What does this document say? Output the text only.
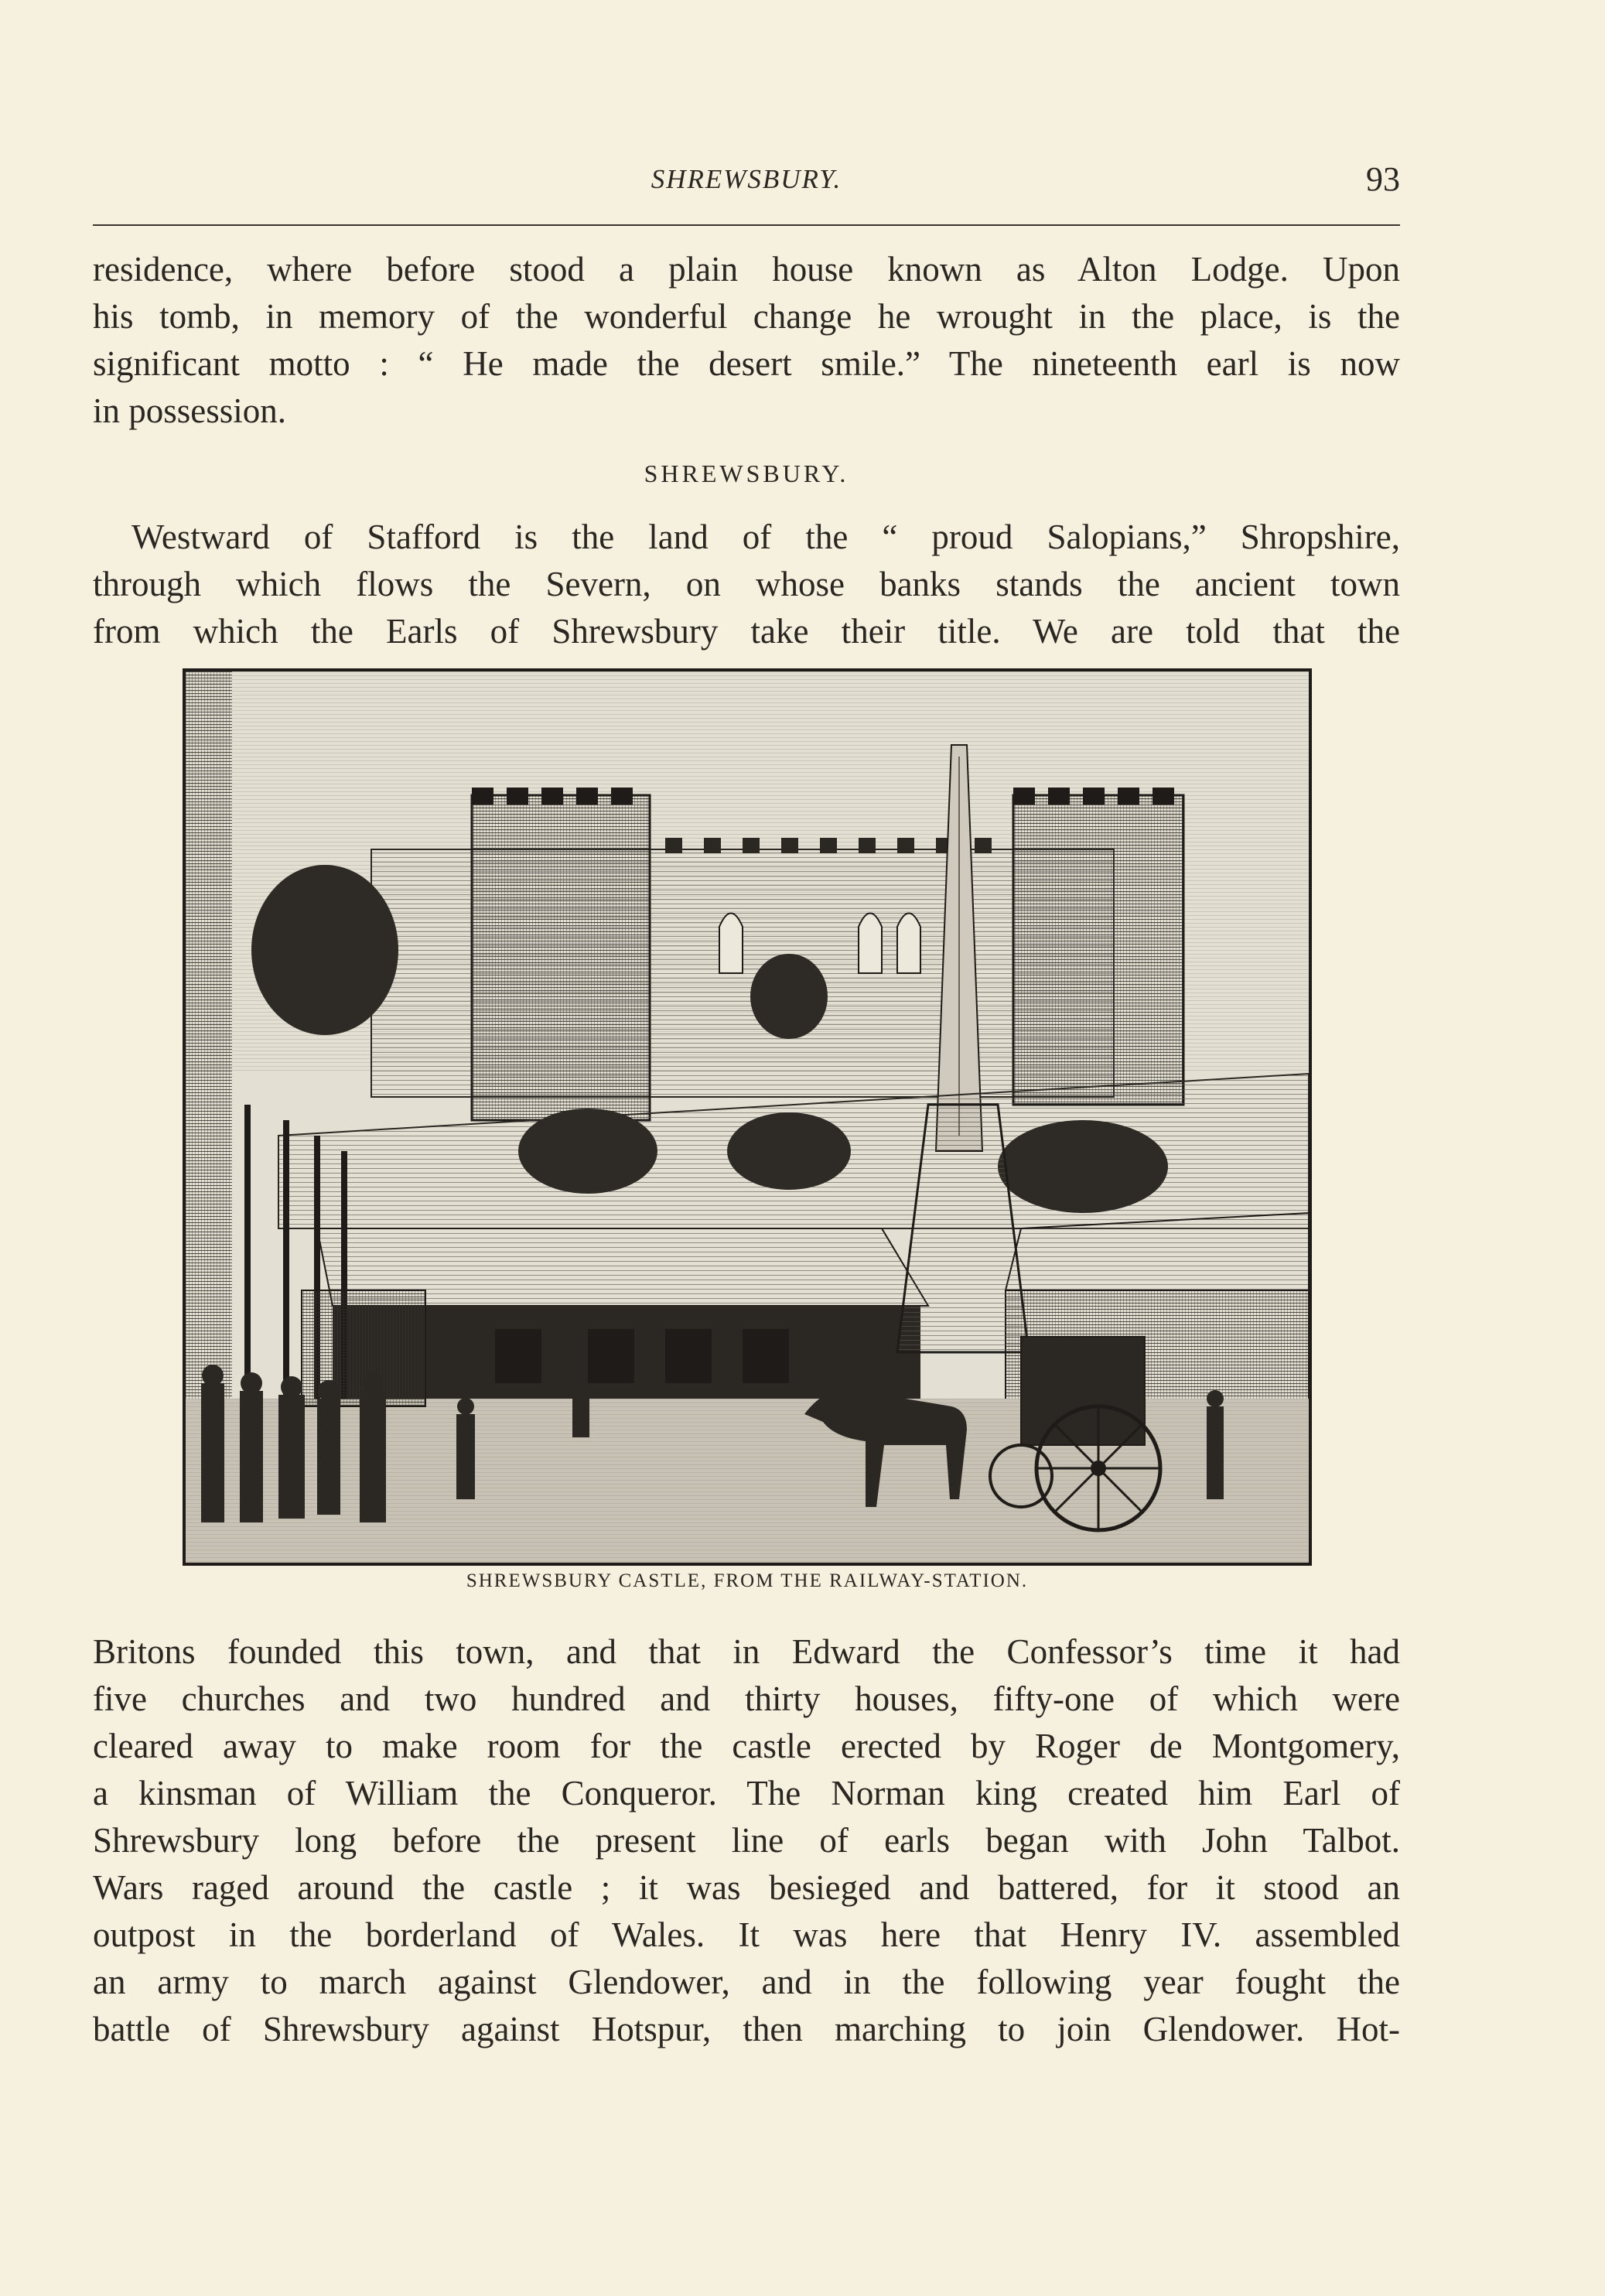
SHREWSBURY.	93
residence, where before stood a plain house known as Alton Lodge. Upon
his tomb, in memory of the wonderful change he wrought in the place, is the
significant motto : “ He made the desert smile.” The nineteenth earl is now
in possession.
SHREWSBURY.
Westward of Stafford is the land of the “ proud Salopians,” Shropshire,
through which flows the Severn, on whose banks stands the ancient town
from which the Earls of Shrewsbury take their title. We are told that the
SHREWSBURY CASTLE, FROM THE RAILWAY-STATION.
Britons founded this town, and that in Edward the Confessor’s time it had
five churches and two hundred and thirty houses, fifty-one of which were
cleared away to make room for the castle erected by Roger de Montgomery,
a kinsman of William the Conqueror. The Norman king created him Earl of
Shrewsbury long before the present line of earls began with John Talbot.
Wars raged around the castle ; it was besieged and battered, for it stood an
outpost in the borderland of Wales. It was here that Henry IV. assembled
an army to march against Glendower, and in the following year fought the
battle of Shrewsbury against Hotspur, then marching to join Glendower. Hot-
